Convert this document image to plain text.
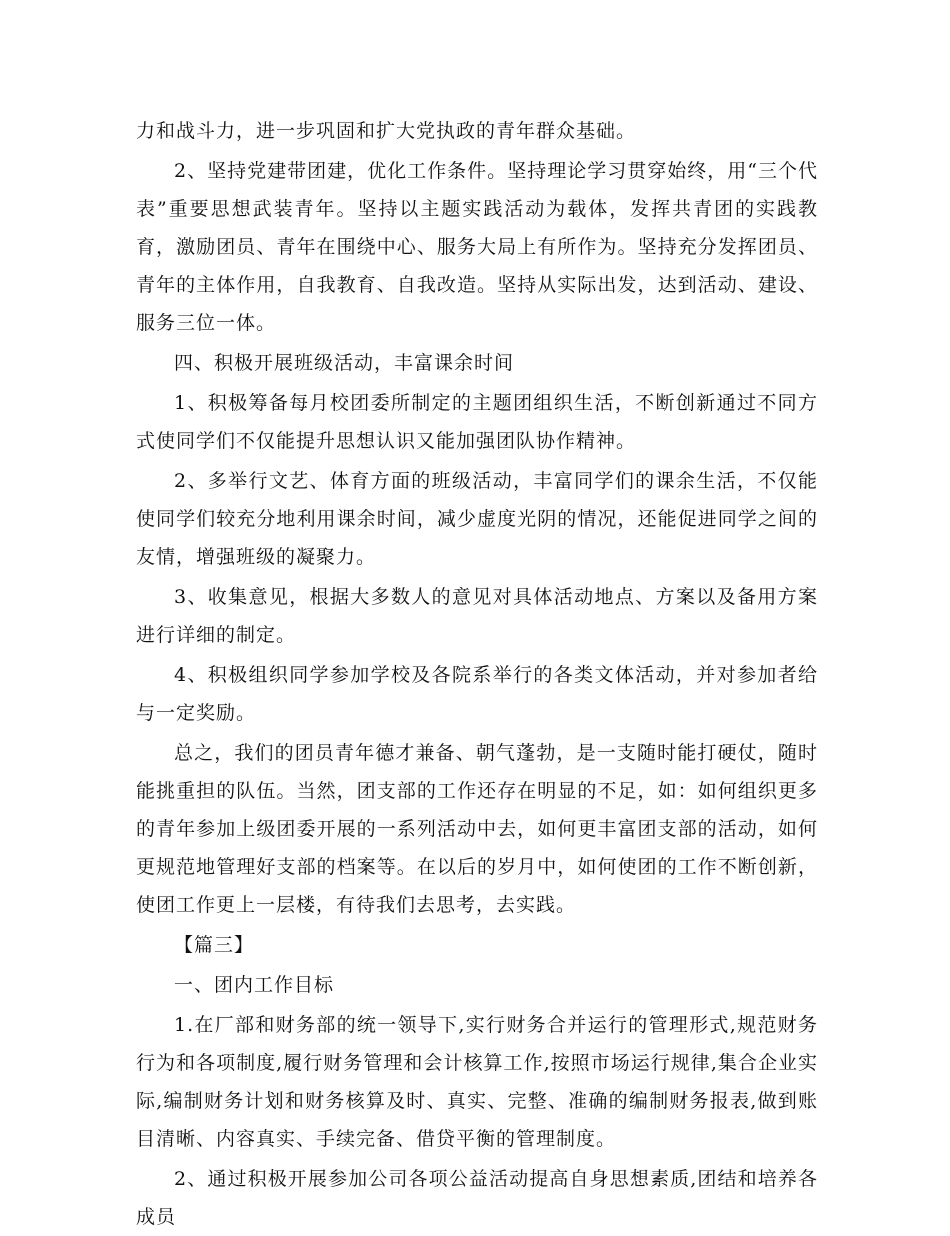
力和战斗力，进一步巩固和扩大党执政的青年群众基础。

2、坚持党建带团建，优化工作条件。坚持理论学习贯穿始终，用“三个代表”重要思想武装青年。坚持以主题实践活动为载体，发挥共青团的实践教育，激励团员、青年在围绕中心、服务大局上有所作为。坚持充分发挥团员、青年的主体作用，自我教育、自我改造。坚持从实际出发，达到活动、建设、服务三位一体。

四、积极开展班级活动，丰富课余时间

1、积极筹备每月校团委所制定的主题团组织生活，不断创新通过不同方式使同学们不仅能提升思想认识又能加强团队协作精神。

2、多举行文艺、体育方面的班级活动，丰富同学们的课余生活，不仅能使同学们较充分地利用课余时间，减少虚度光阴的情况，还能促进同学之间的友情，增强班级的凝聚力。

3、收集意见，根据大多数人的意见对具体活动地点、方案以及备用方案进行详细的制定。

4、积极组织同学参加学校及各院系举行的各类文体活动，并对参加者给与一定奖励。

总之，我们的团员青年德才兼备、朝气蓬勃，是一支随时能打硬仗，随时能挑重担的队伍。当然，团支部的工作还存在明显的不足，如：如何组织更多的青年参加上级团委开展的一系列活动中去，如何更丰富团支部的活动，如何更规范地管理好支部的档案等。在以后的岁月中，如何使团的工作不断创新，使团工作更上一层楼，有待我们去思考，去实践。

【篇三】

一、团内工作目标

1.在厂部和财务部的统一领导下,实行财务合并运行的管理形式,规范财务行为和各项制度,履行财务管理和会计核算工作,按照市场运行规律,集合企业实际,编制财务计划和财务核算及时、真实、完整、准确的编制财务报表,做到账目清晰、内容真实、手续完备、借贷平衡的管理制度。

2、通过积极开展参加公司各项公益活动提高自身思想素质,团结和培养各成员
